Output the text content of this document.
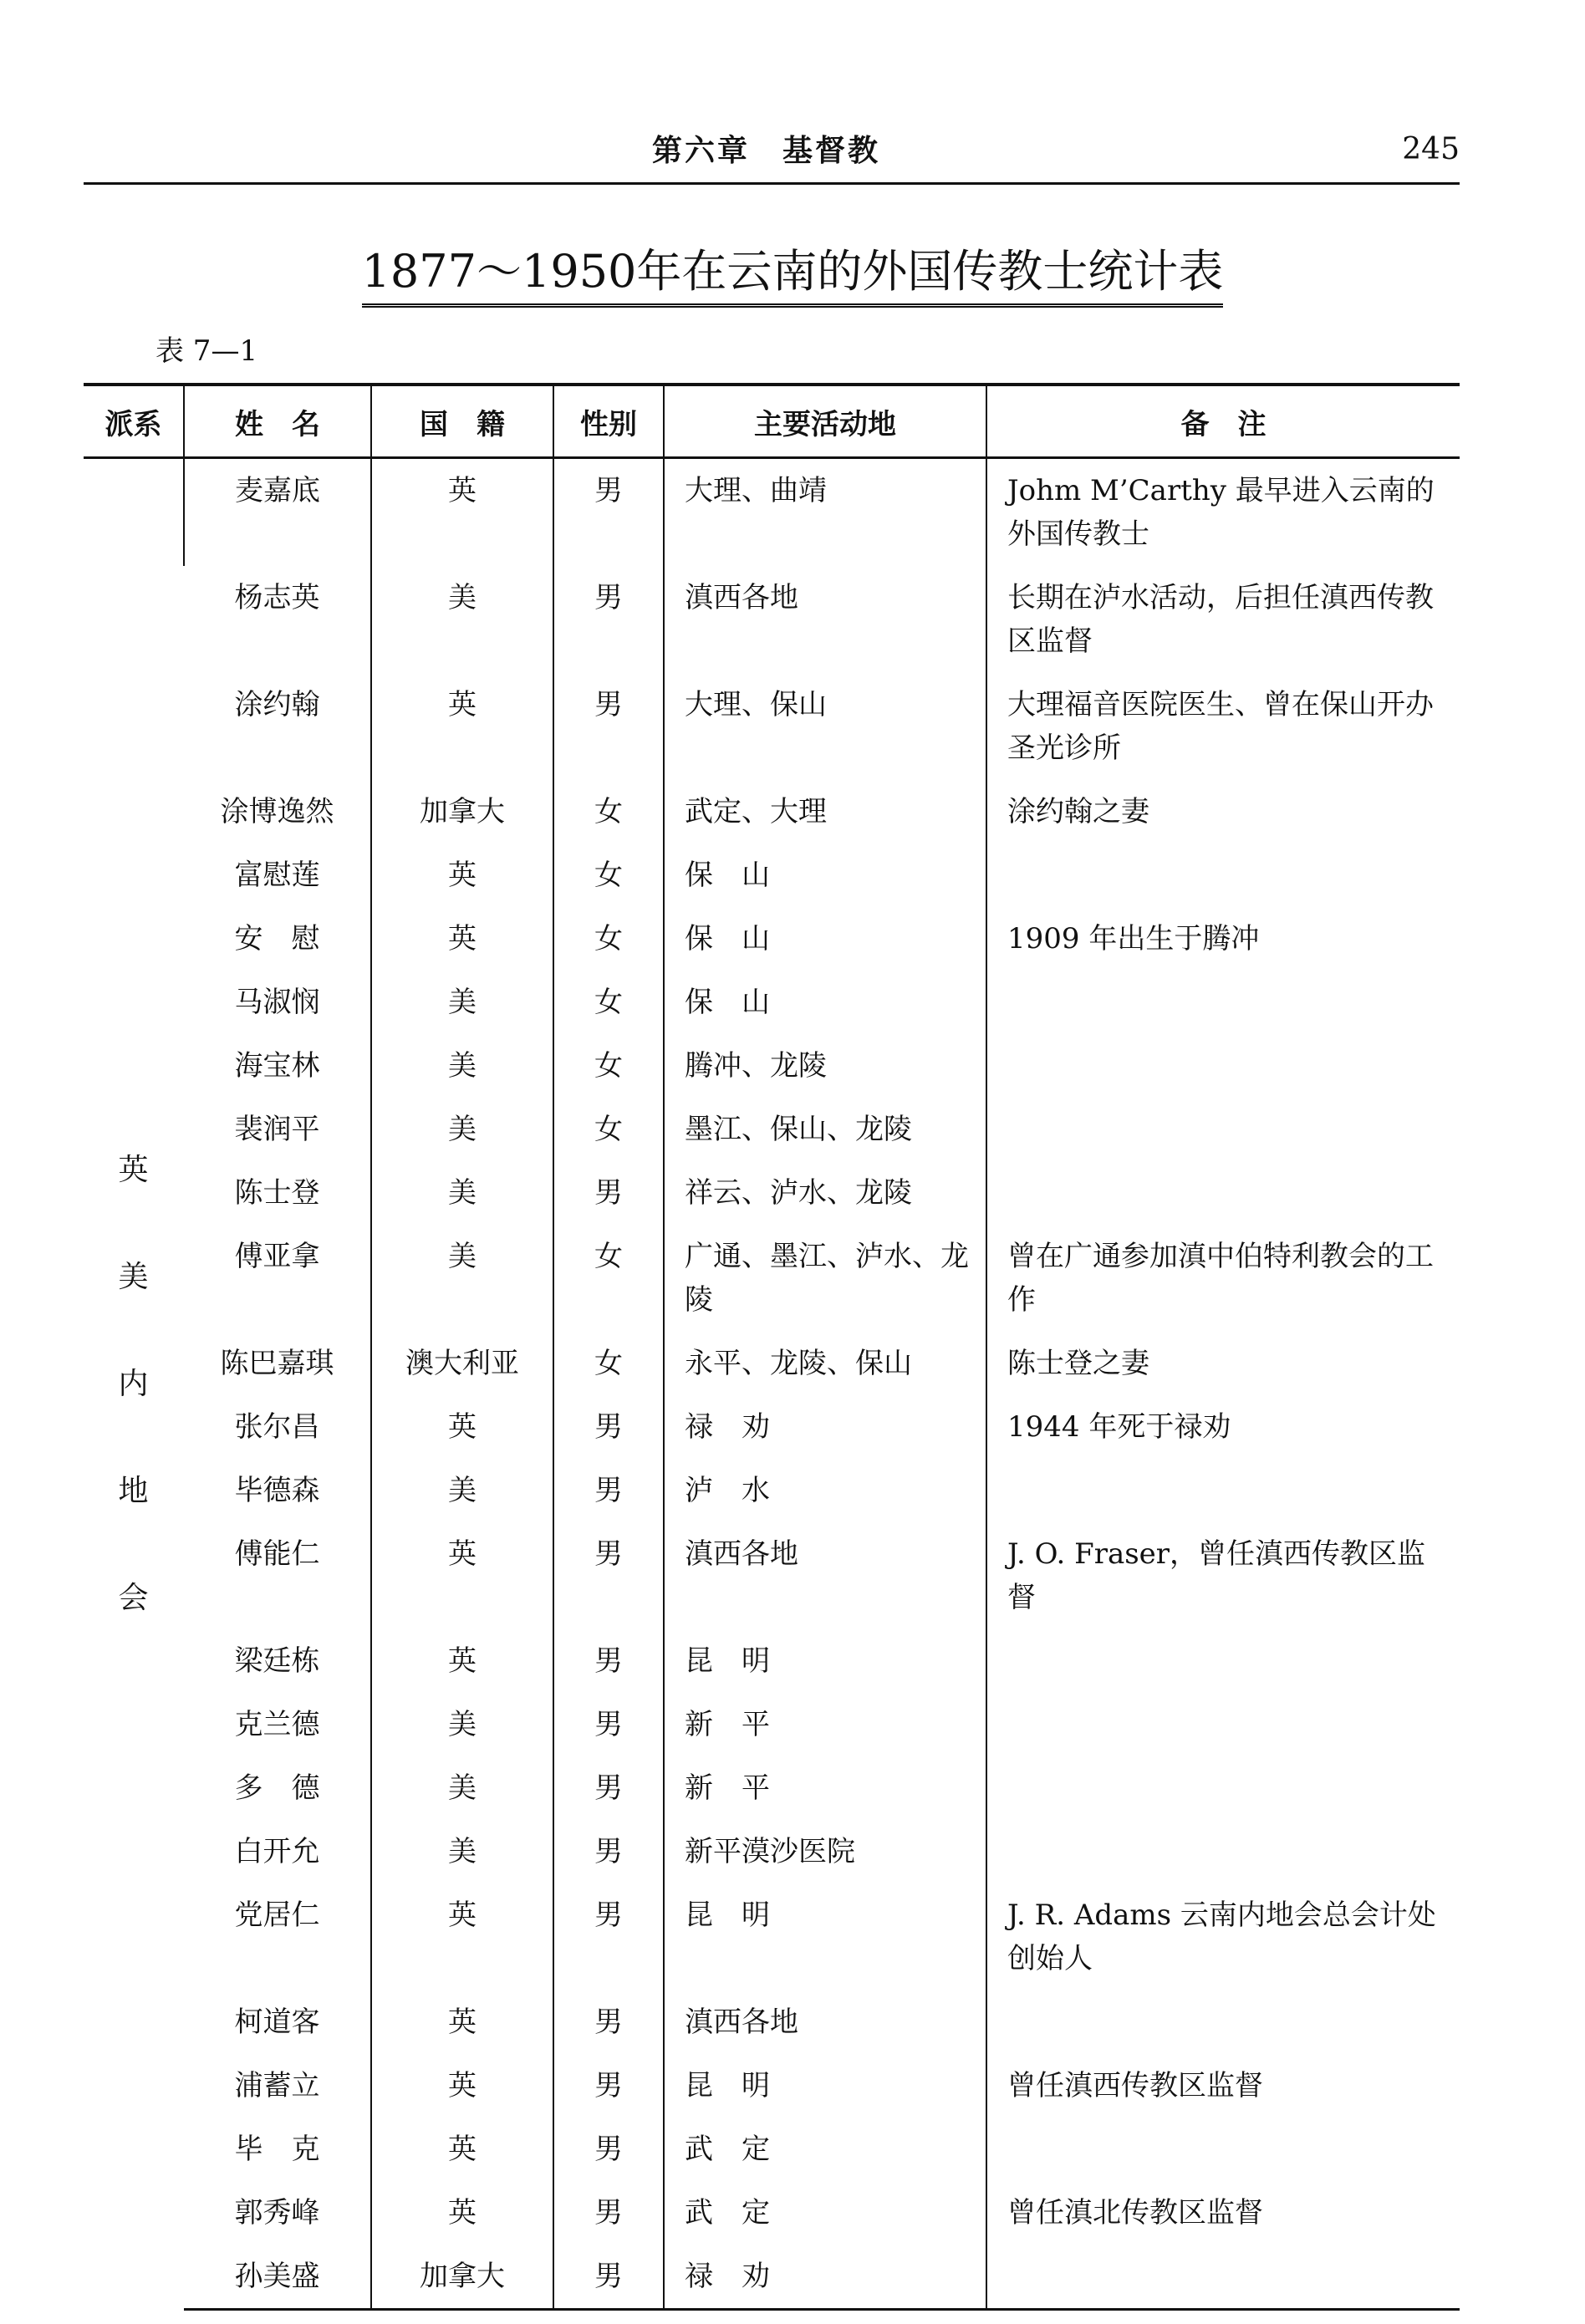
第六章　基督教	245
1877～1950年在云南的外国传教士统计表
表 7—1
派系	姓　名	国　籍	性别	主要活动地	备　注
英美内地会	麦嘉底	英	男	大理、曲靖	Johm M’Carthy 最早进入云南的外国传教士
	杨志英	美	男	滇西各地	长期在泸水活动，后担任滇西传教区监督
	涂约翰	英	男	大理、保山	大理福音医院医生、曾在保山开办圣光诊所
	涂博逸然	加拿大	女	武定、大理	涂约翰之妻
	富慰莲	英	女	保　山	
	安　慰	英	女	保　山	1909 年出生于腾冲
	马淑悯	美	女	保　山	
	海宝林	美	女	腾冲、龙陵	
	裴润平	美	女	墨江、保山、龙陵	
	陈士登	美	男	祥云、泸水、龙陵	
	傅亚拿	美	女	广通、墨江、泸水、龙　陵	曾在广通参加滇中伯特利教会的工作
	陈巴嘉琪	澳大利亚	女	永平、龙陵、保山	陈士登之妻
	张尔昌	英	男	禄　劝	1944 年死于禄劝
	毕德森	美	男	泸　水	
	傅能仁	英	男	滇西各地	J. O. Fraser，曾任滇西传教区监督
	梁廷栋	英	男	昆　明	
	克兰德	美	男	新　平	
	多　德	美	男	新　平	
	白开允	美	男	新平漠沙医院	
	党居仁	英	男	昆　明	J. R. Adams 云南内地会总会计处创始人
	柯道客	英	男	滇西各地	
	浦蓄立	英	男	昆　明	曾任滇西传教区监督
	毕　克	英	男	武　定	
	郭秀峰	英	男	武　定	曾任滇北传教区监督
	孙美盛	加拿大	男	禄　劝	
